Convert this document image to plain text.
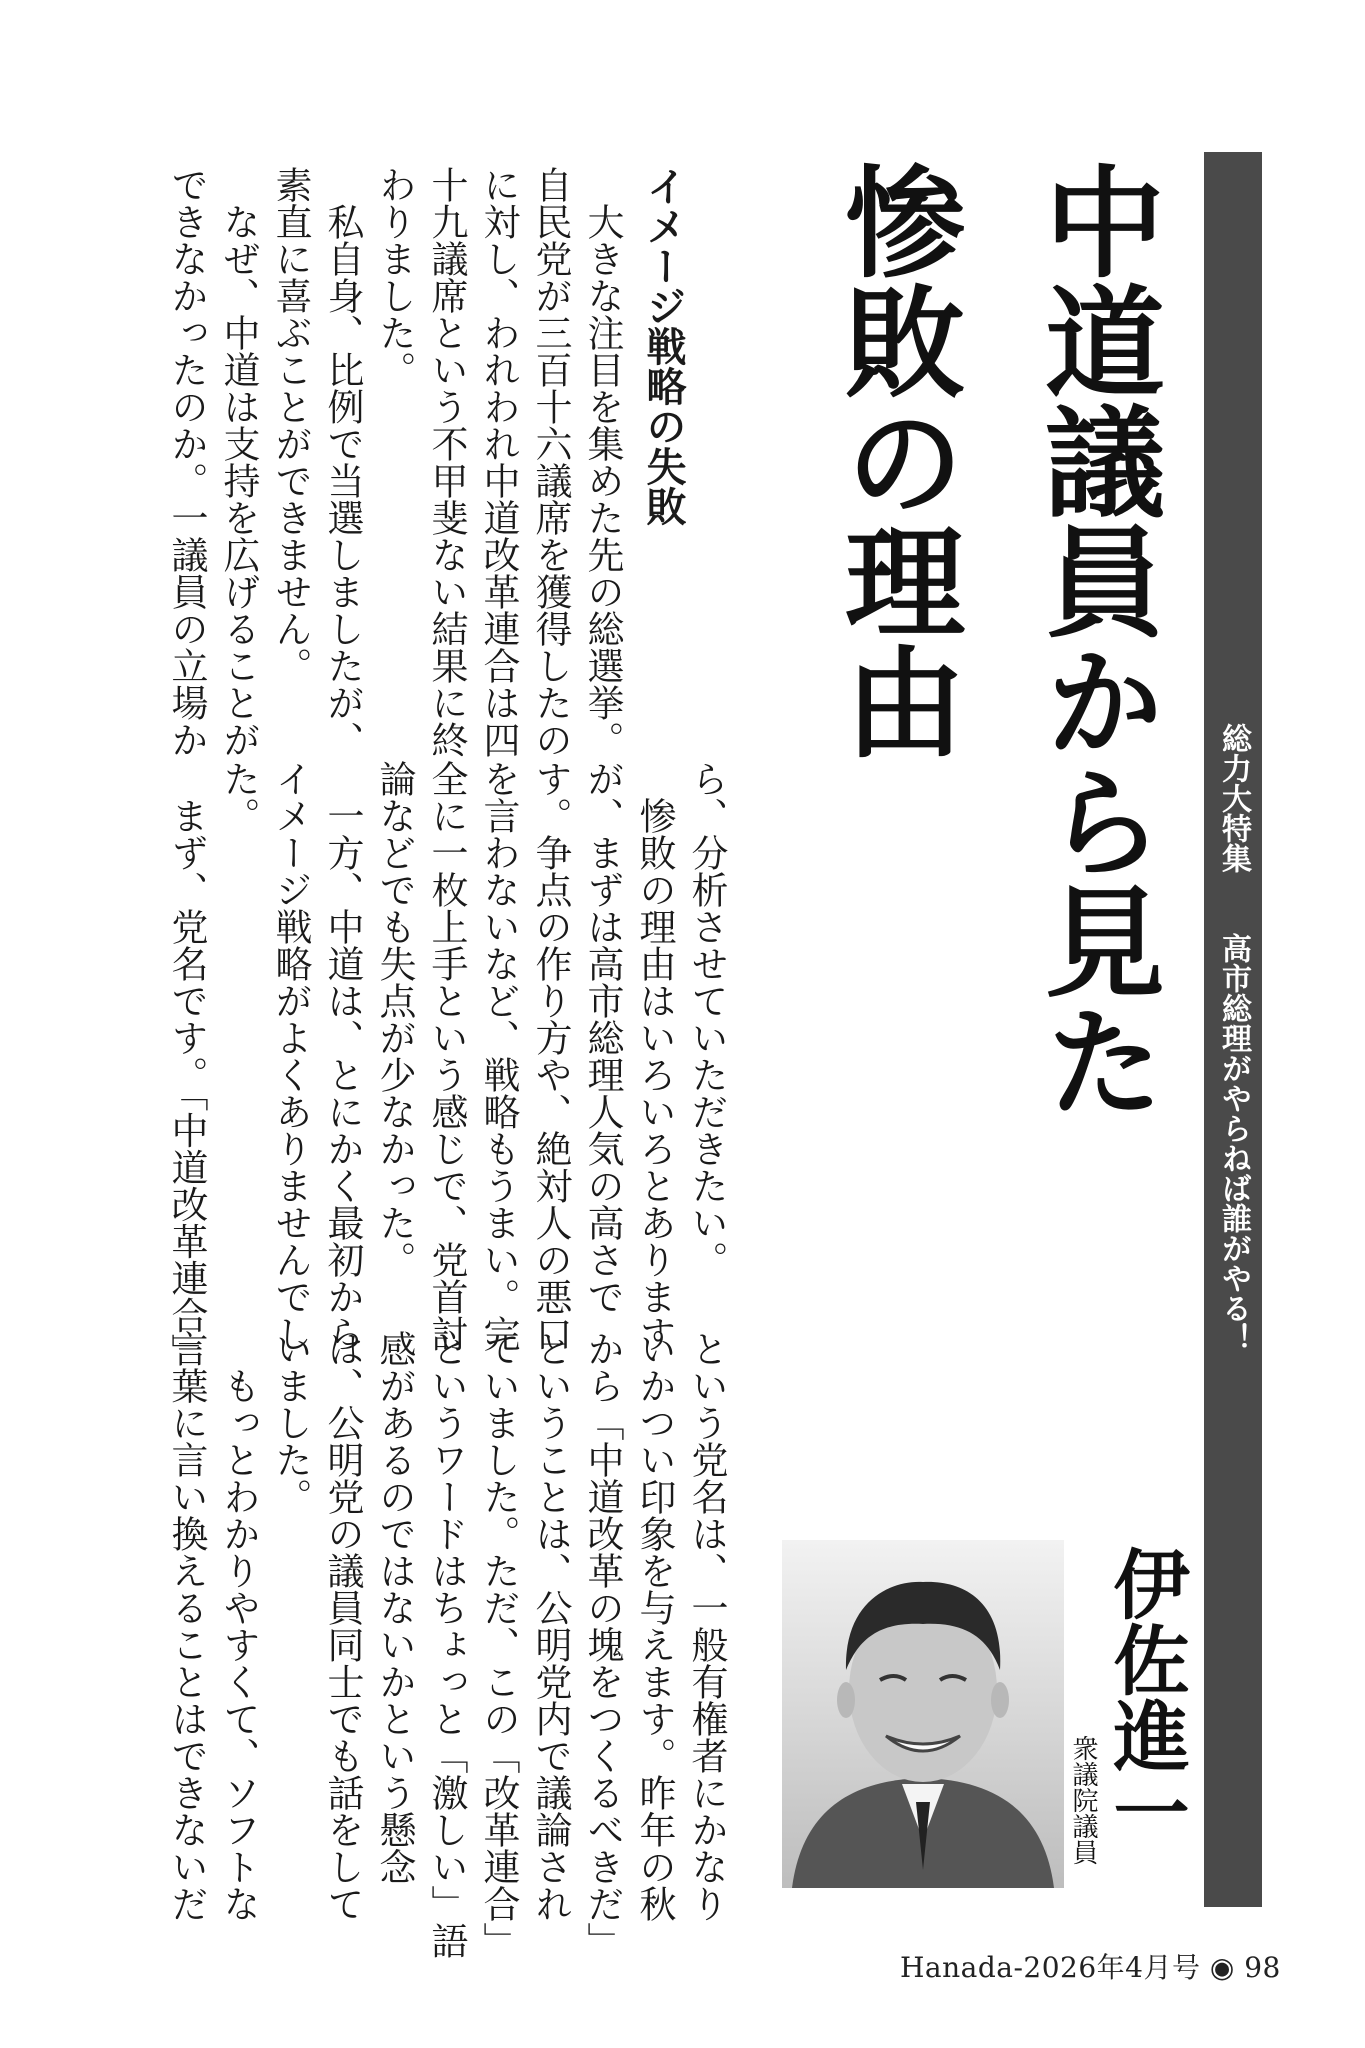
総力大特集
高市総理がやらねば誰がやる！
中道議員から見た
惨敗の理由
伊佐進一
衆議院議員
イメージ戦略の失敗
　大きな注目を集めた先の総選挙。
自民党が三百十六議席を獲得したの
に対し、われわれ中道改革連合は四
十九議席という不甲斐ない結果に終
わりました。
　私自身、比例で当選しましたが、
素直に喜ぶことができません。
　なぜ、中道は支持を広げることが
できなかったのか。一議員の立場か
ら、分析させていただきたい。
　惨敗の理由はいろいろとあります
が、まずは高市総理人気の高さで
す。争点の作り方や、絶対人の悪口
を言わないなど、戦略もうまい。完
全に一枚上手という感じで、党首討
論などでも失点が少なかった。
　一方、中道は、とにかく最初から
イメージ戦略がよくありませんでし
た。
　まず、党名です。「中道改革連合」
という党名は、一般有権者にかなり
いかつい印象を与えます。昨年の秋
から「中道改革の塊をつくるべきだ」
ということは、公明党内で議論され
ていました。ただ、この「改革連合」
というワードはちょっと「激しい」語
感があるのではないかという懸念
は、公明党の議員同士でも話をして
いました。
　もっとわかりやすくて、ソフトな
言葉に言い換えることはできないだ
Hanada-2026年4月号 ◉ 98
